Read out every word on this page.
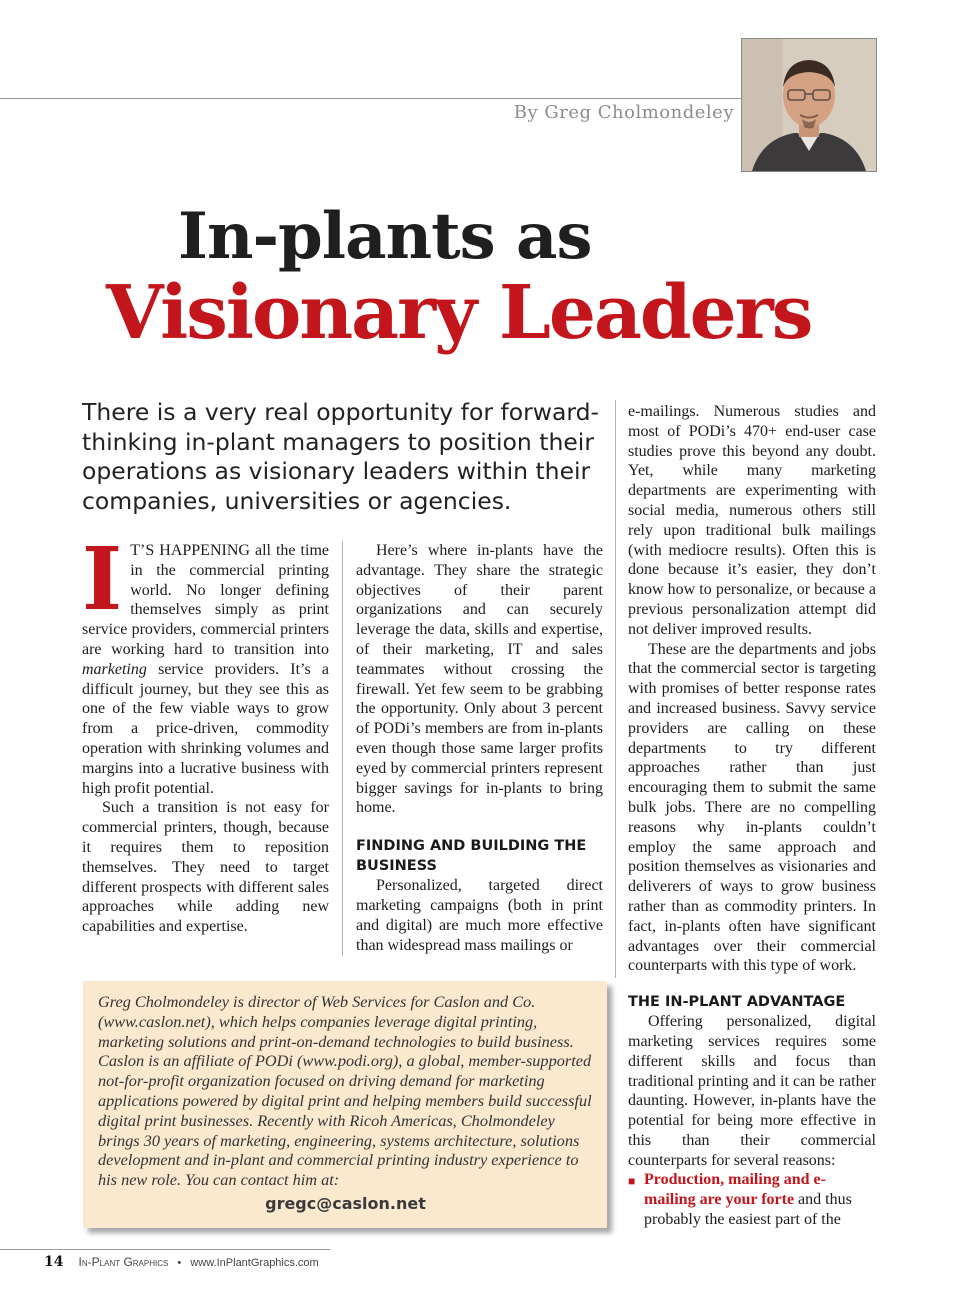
By Greg Cholmondeley
In-plants as
Visionary Leaders

There is a very real opportunity for forward-thinking in-plant managers to position their operations as visionary leaders within their companies, universities or agencies.

I T’S HAPPENING all the time in the commercial printing world. No longer defining themselves simply as print service providers, commercial printers are working hard to transition into marketing service providers. It’s a difficult journey, but they see this as one of the few viable ways to grow from a price-driven, commodity operation with shrinking volumes and margins into a lucrative business with high profit potential.

Such a transition is not easy for commercial printers, though, because it requires them to reposition themselves. They need to target different prospects with different sales approaches while adding new capabilities and expertise.

Here’s where in-plants have the advantage. They share the strategic objectives of their parent organizations and can securely leverage the data, skills and expertise, of their marketing, IT and sales teammates without crossing the firewall. Yet few seem to be grabbing the opportunity. Only about 3 percent of PODi’s members are from in-plants even though those same larger profits eyed by commercial printers represent bigger savings for in-plants to bring home.

FINDING AND BUILDING THE BUSINESS

Personalized, targeted direct marketing campaigns (both in print and digital) are much more effective than widespread mass mailings or

e-mailings. Numerous studies and most of PODi’s 470+ end-user case studies prove this beyond any doubt. Yet, while many marketing departments are experimenting with social media, numerous others still rely upon traditional bulk mailings (with mediocre results). Often this is done because it’s easier, they don’t know how to personalize, or because a previous personalization attempt did not deliver improved results.

These are the departments and jobs that the commercial sector is targeting with promises of better response rates and increased business. Savvy service providers are calling on these departments to try different approaches rather than just encouraging them to submit the same bulk jobs. There are no compelling reasons why in-plants couldn’t employ the same approach and position themselves as visionaries and deliverers of ways to grow business rather than as commodity printers. In fact, in-plants often have significant advantages over their commercial counterparts with this type of work.

THE IN-PLANT ADVANTAGE

Offering personalized, digital marketing services requires some different skills and focus than traditional printing and it can be rather daunting. However, in-plants have the potential for being more effective in this than their commercial counterparts for several reasons:

■ Production, mailing and e-mailing are your forte and thus probably the easiest part of the

Greg Cholmondeley is director of Web Services for Caslon and Co. (www.caslon.net), which helps companies leverage digital printing, marketing solutions and print-on-demand technologies to build business. Caslon is an affiliate of PODi (www.podi.org), a global, member-supported not-for-profit organization focused on driving demand for marketing applications powered by digital print and helping members build successful digital print businesses. Recently with Ricoh Americas, Cholmondeley brings 30 years of marketing, engineering, systems architecture, solutions development and in-plant and commercial printing industry experience to his new role. You can contact him at:

gregc@caslon.net

14 In-Plant Graphics • www.InPlantGraphics.com
